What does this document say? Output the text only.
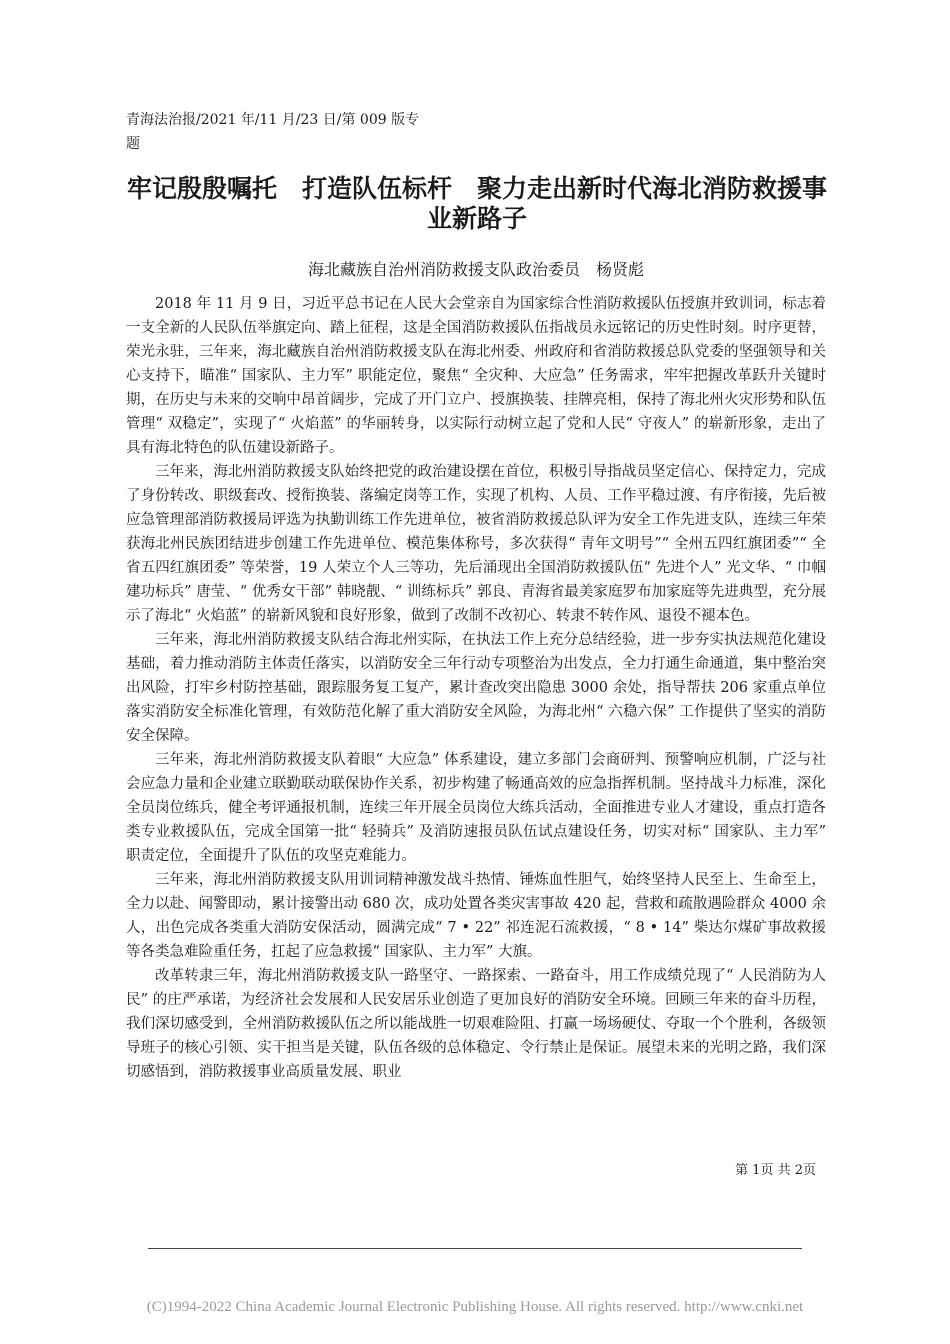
青海法治报/2021 年/11 月/23 日/第 009 版专题
牢记殷殷嘱托　打造队伍标杆　聚力走出新时代海北消防救援事业新路子
海北藏族自治州消防救援支队政治委员　杨贤彪

2018 年 11 月 9 日，习近平总书记在人民大会堂亲自为国家综合性消防救援队伍授旗并致训词，标志着一支全新的人民队伍举旗定向、踏上征程，这是全国消防救援队伍指战员永远铭记的历史性时刻。时序更替，荣光永驻，三年来，海北藏族自治州消防救援支队在海北州委、州政府和省消防救援总队党委的坚强领导和关心支持下，瞄准“ 国家队、主力军” 职能定位，聚焦“ 全灾种、大应急” 任务需求，牢牢把握改革跃升关键时期，在历史与未来的交响中昂首阔步，完成了开门立户、授旗换装、挂牌亮相，保持了海北州火灾形势和队伍管理“ 双稳定”，实现了“ 火焰蓝” 的华丽转身，以实际行动树立起了党和人民“ 守夜人” 的崭新形象，走出了具有海北特色的队伍建设新路子。

三年来，海北州消防救援支队始终把党的政治建设摆在首位，积极引导指战员坚定信心、保持定力，完成了身份转改、职级套改、授衔换装、落编定岗等工作，实现了机构、人员、工作平稳过渡、有序衔接，先后被应急管理部消防救援局评选为执勤训练工作先进单位，被省消防救援总队评为安全工作先进支队，连续三年荣获海北州民族团结进步创建工作先进单位、模范集体称号，多次获得“ 青年文明号”“ 全州五四红旗团委”“ 全省五四红旗团委” 等荣誉，19 人荣立个人三等功，先后涌现出全国消防救援队伍“ 先进个人” 光文华、“ 巾帼建功标兵” 唐莹、“ 优秀女干部” 韩晓靓、“ 训练标兵” 郭良、青海省最美家庭罗布加家庭等先进典型，充分展示了海北“ 火焰蓝” 的崭新风貌和良好形象，做到了改制不改初心、转隶不转作风、退役不褪本色。

三年来，海北州消防救援支队结合海北州实际，在执法工作上充分总结经验，进一步夯实执法规范化建设基础，着力推动消防主体责任落实，以消防安全三年行动专项整治为出发点，全力打通生命通道，集中整治突出风险，打牢乡村防控基础，跟踪服务复工复产，累计查改突出隐患 3000 余处，指导帮扶 206 家重点单位落实消防安全标准化管理，有效防范化解了重大消防安全风险，为海北州“ 六稳六保” 工作提供了坚实的消防安全保障。

三年来，海北州消防救援支队着眼“ 大应急” 体系建设，建立多部门会商研判、预警响应机制，广泛与社会应急力量和企业建立联勤联动联保协作关系，初步构建了畅通高效的应急指挥机制。坚持战斗力标准，深化全员岗位练兵，健全考评通报机制，连续三年开展全员岗位大练兵活动，全面推进专业人才建设，重点打造各类专业救援队伍，完成全国第一批“ 轻骑兵” 及消防速报员队伍试点建设任务，切实对标“ 国家队、主力军” 职责定位，全面提升了队伍的攻坚克难能力。

三年来，海北州消防救援支队用训词精神激发战斗热情、锤炼血性胆气，始终坚持人民至上、生命至上，全力以赴、闻警即动，累计接警出动 680 次，成功处置各类灾害事故 420 起，营救和疏散遇险群众 4000 余人，出色完成各类重大消防安保活动，圆满完成“ 7 • 22” 祁连泥石流救援，“ 8 • 14” 柴达尔煤矿事故救援等各类急难险重任务，扛起了应急救援“ 国家队、主力军” 大旗。

改革转隶三年，海北州消防救援支队一路坚守、一路探索、一路奋斗，用工作成绩兑现了“ 人民消防为人民” 的庄严承诺，为经济社会发展和人民安居乐业创造了更加良好的消防安全环境。回顾三年来的奋斗历程，我们深切感受到，全州消防救援队伍之所以能战胜一切艰难险阻、打赢一场场硬仗、夺取一个个胜利，各级领导班子的核心引领、实干担当是关键，队伍各级的总体稳定、令行禁止是保证。展望未来的光明之路，我们深切感悟到，消防救援事业高质量发展、职业

第 1页 共 2页
(C)1994-2022 China Academic Journal Electronic Publishing House. All rights reserved. http://www.cnki.net
